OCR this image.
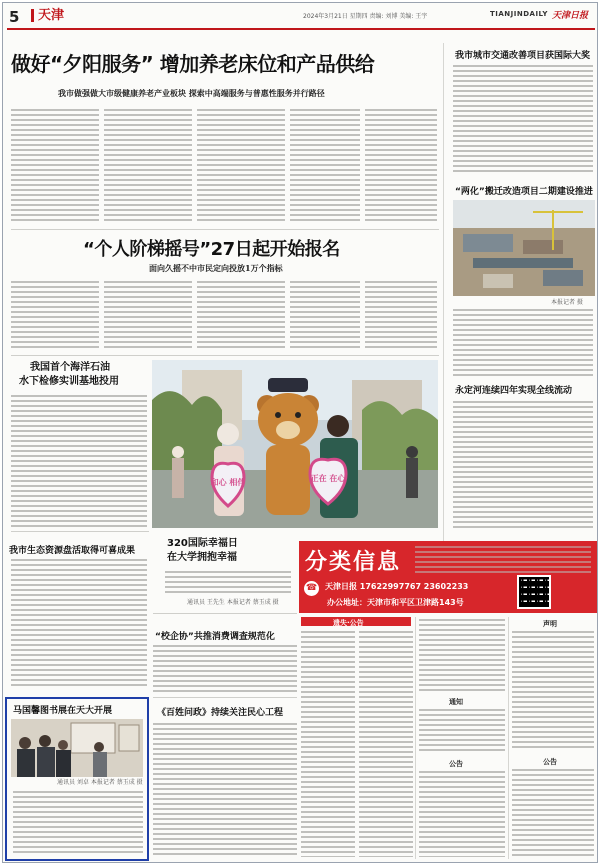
5	天津	2024年3月21日 星期四 责编: 刘博 美编: 王宇	TIANJINDAILY 天津日报
做好“夕阳服务” 增加养老床位和产品供给
我市做强做大市级健康养老产业板块 探索中高端服务与普惠性服务并行路径
“个人阶梯摇号”27日起开始报名
面向久摇不中市民定向投放1万个指标
我市城市交通改善项目获国际大奖
“两化”搬迁改造项目二期建设推进
本报记者 摄
永定河连续四年实现全线流动
我国首个海洋石油
水下检修实训基地投用
我市生态资源盘活取得可喜成果
马国馨图书展在天大开展
通讯员 刘卓 本报记者 蔡玉成 摄
和心 相伴	正在 在心
320国际幸福日
在大学拥抱幸福
通讯员 王先生 本报记者 蔡玉成 摄
“校企协”共推消费调查规范化
《百姓问政》持续关注民心工程
分类信息
☎ 天津日报 17622997767 23602233
办公地址：天津市和平区卫津路143号
遗失·公告
通知
公告
声明
公告
